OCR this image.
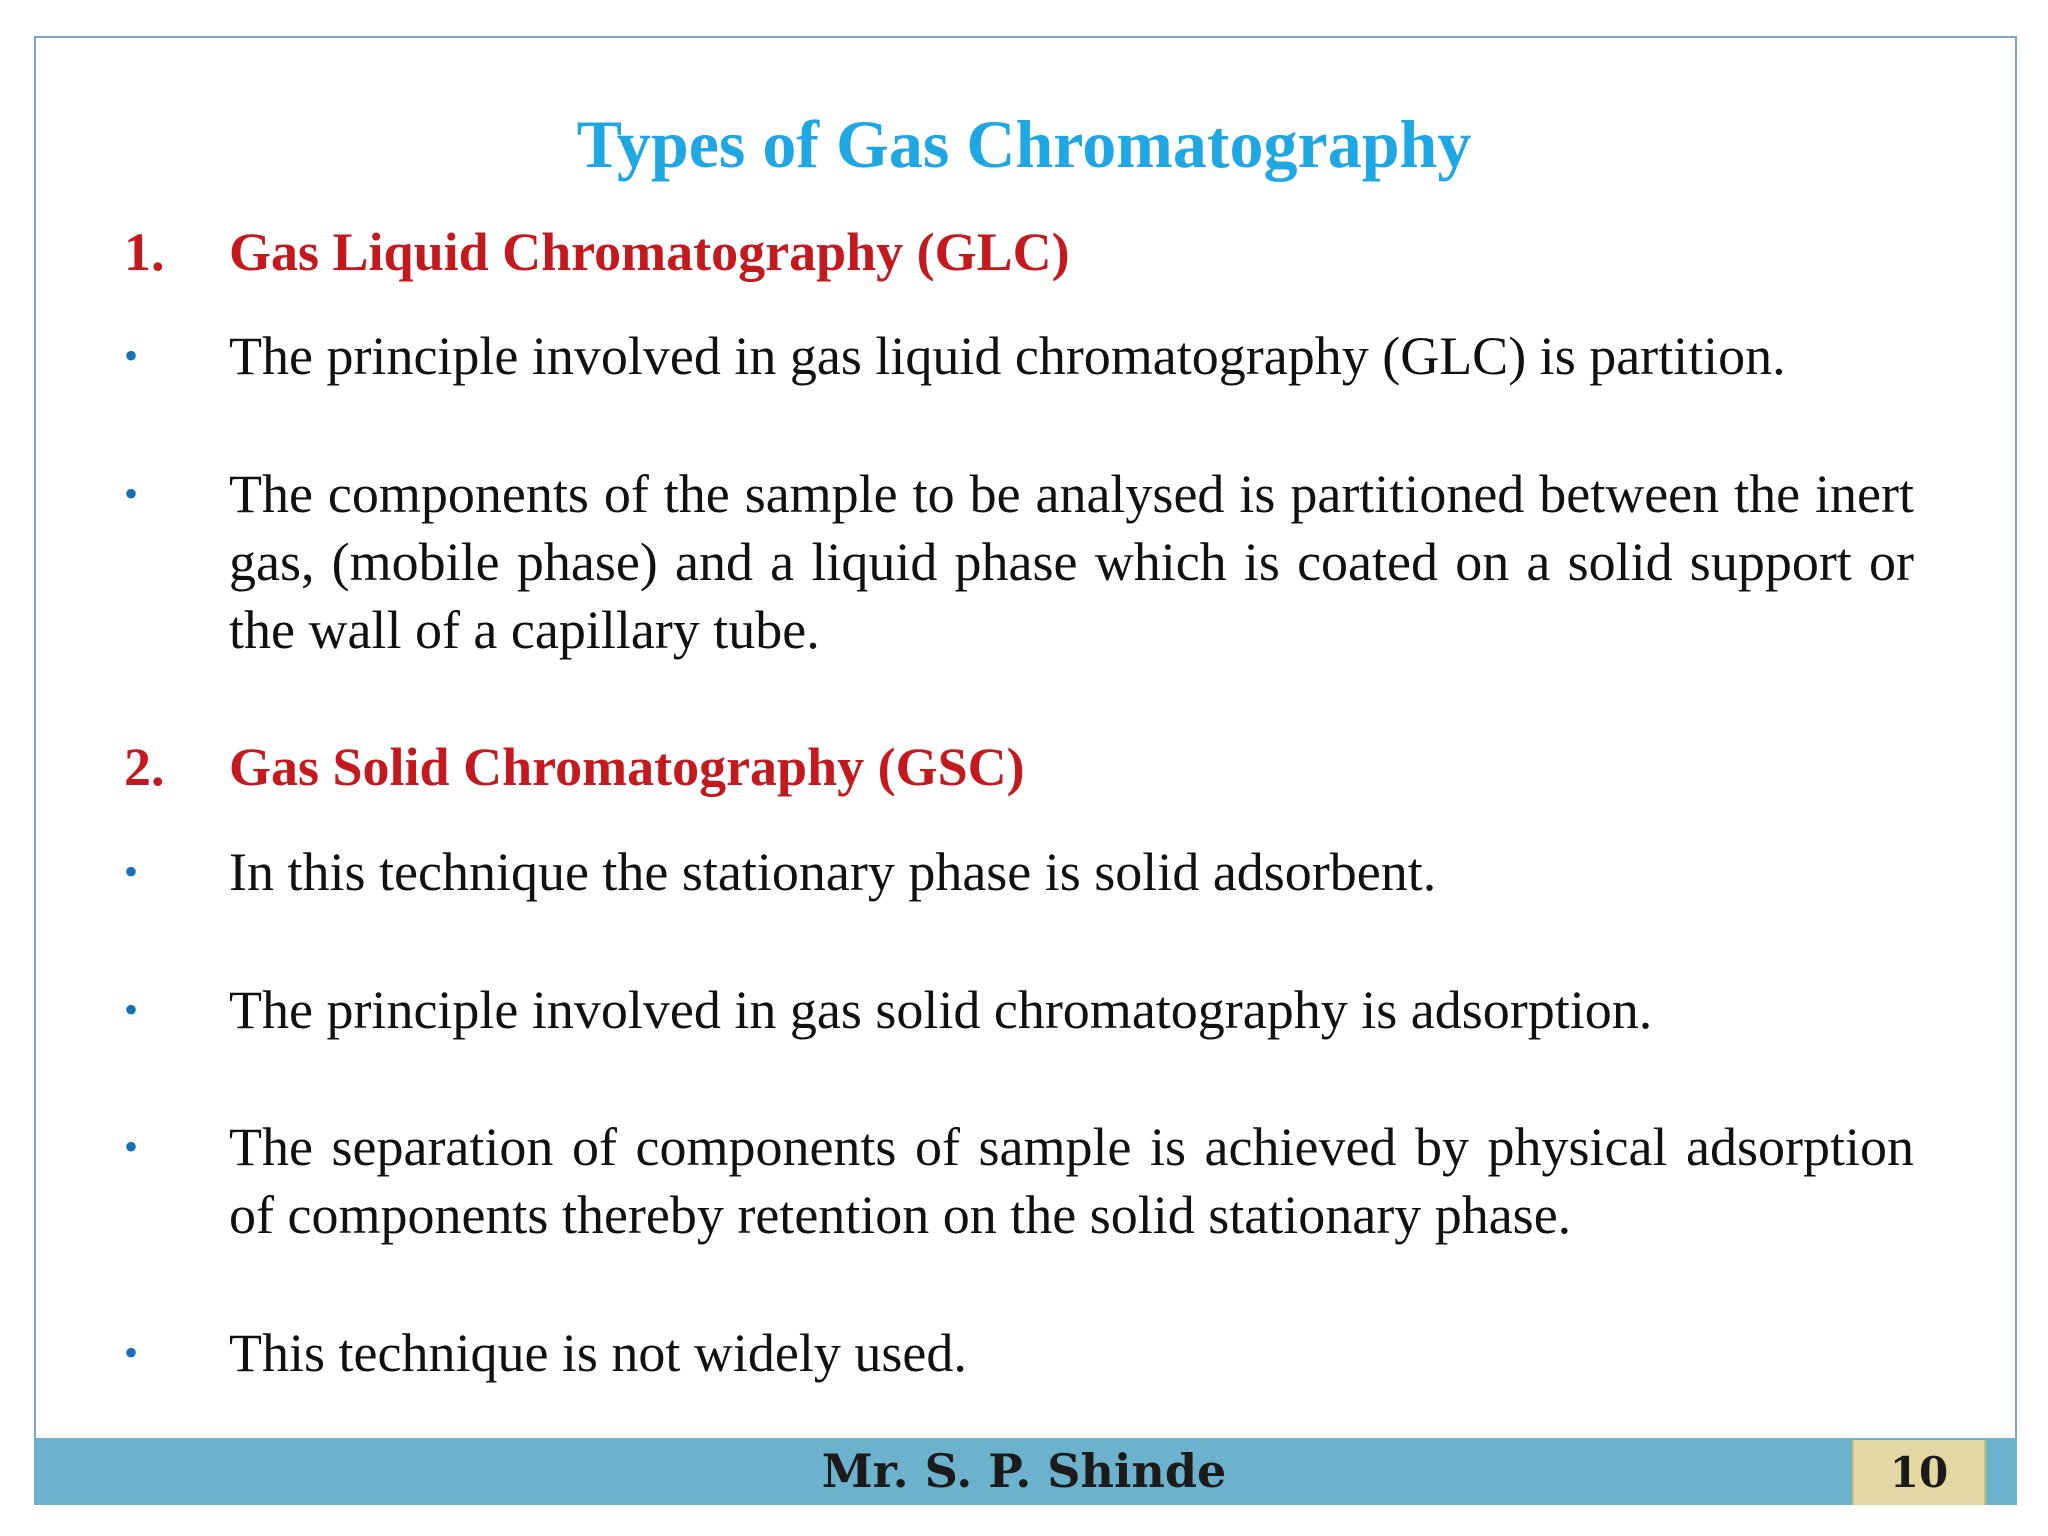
Types of Gas Chromatography
1. Gas Liquid Chromatography (GLC)
•	The principle involved in gas liquid chromatography (GLC) is partition.
•	The components of the sample to be analysed is partitioned between the inert gas, (mobile phase) and a liquid phase which is coated on a solid support or the wall of a capillary tube.
2. Gas Solid Chromatography (GSC)
•	In this technique the stationary phase is solid adsorbent.
•	The principle involved in gas solid chromatography is adsorption.
•	The separation of components of sample is achieved by physical adsorption of components thereby retention on the solid stationary phase.
•	This technique is not widely used.
Mr. S. P. Shinde	10
